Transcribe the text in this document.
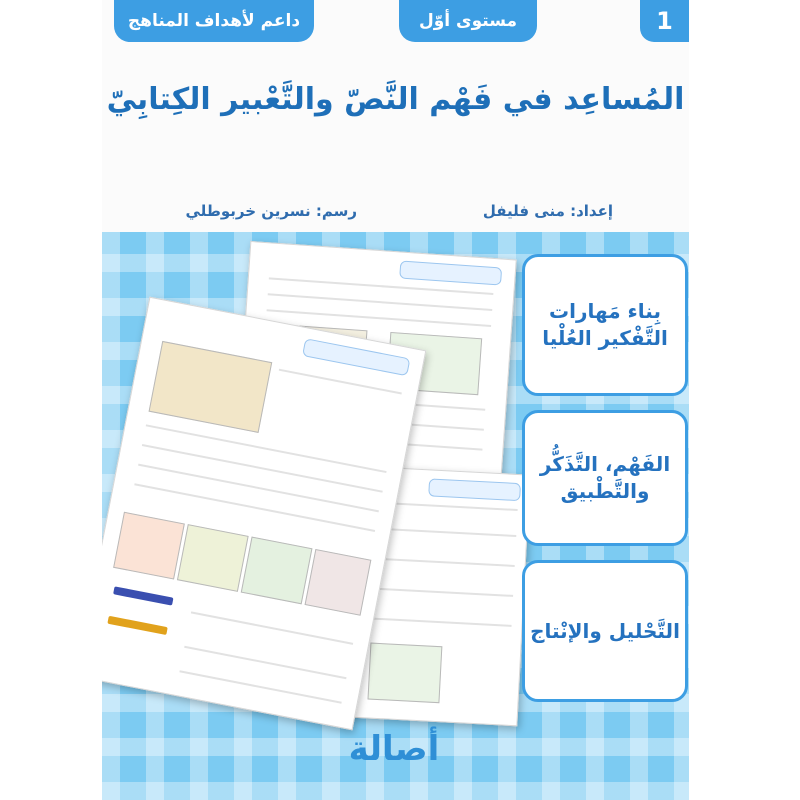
داعم لأهداف المناهج	مستوى أوّل	1
المُساعِد في فَهْم النَّصّ والتَّعْبير الكِتابِيّ
إعداد: منى فليفل
رسم: نسرين خربوطلي
بِناء مَهارات التَّفْكير العُلْيا
الفَهْم، التَّذَكُّر والتَّطْبيق
التَّحْليل والإنْتاج
أصالة
